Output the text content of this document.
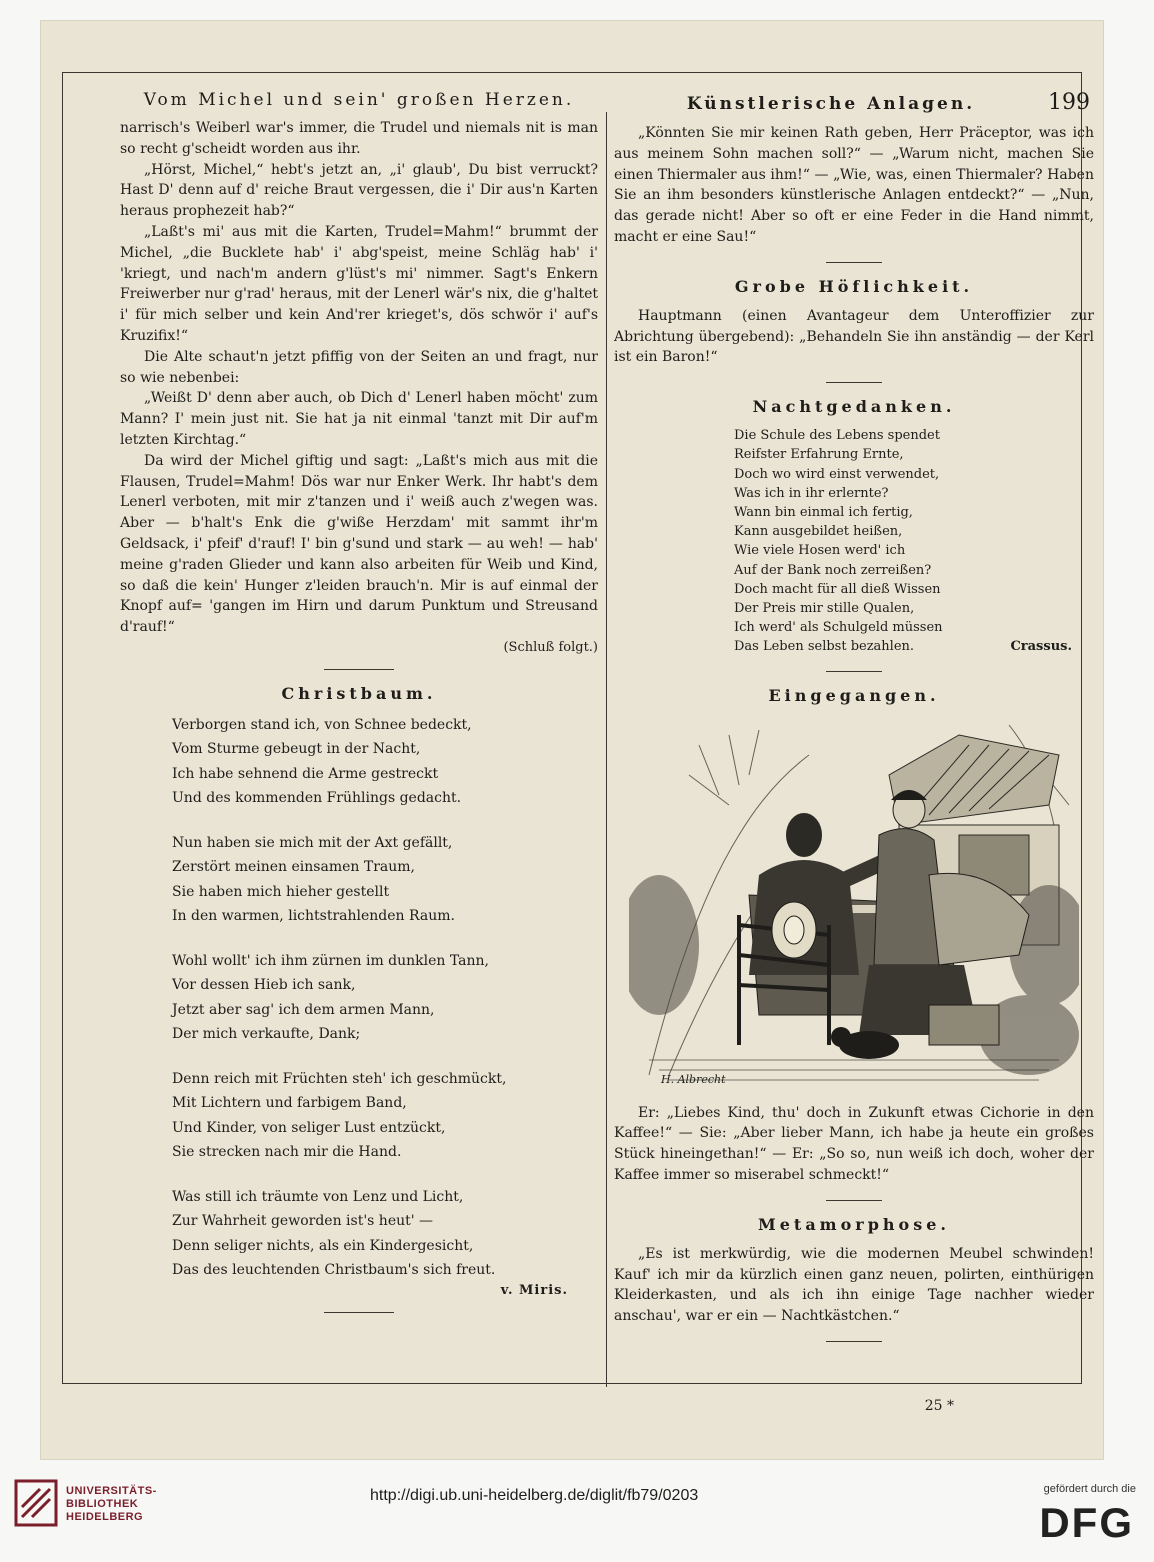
Vom Michel und sein' großen Herzen.

narrisch's Weiberl war's immer, die Trudel und niemals nit is man so recht g'scheidt worden aus ihr.

„Hörst, Michel,“ hebt's jetzt an, „i' glaub', Du bist verruckt? Hast D' denn auf d' reiche Braut vergessen, die i' Dir aus'n Karten heraus prophezeit hab?“

„Laßt's mi' aus mit die Karten, Trudel=Mahm!“ brummt der Michel, „die Bucklete hab' i' abg'speist, meine Schläg hab' i' 'kriegt, und nach'm andern g'lüst's mi' nimmer. Sagt's Enkern Freiwerber nur g'rad' heraus, mit der Lenerl wär's nix, die g'haltet i' für mich selber und kein And'rer krieget's, dös schwör i' auf's Kruzifix!“

Die Alte schaut'n jetzt pfiffig von der Seiten an und fragt, nur so wie nebenbei:

„Weißt D' denn aber auch, ob Dich d' Lenerl haben möcht' zum Mann? I' mein just nit. Sie hat ja nit einmal 'tanzt mit Dir auf'm letzten Kirchtag.“

Da wird der Michel giftig und sagt: „Laßt's mich aus mit die Flausen, Trudel=Mahm! Dös war nur Enker Werk. Ihr habt's dem Lenerl verboten, mit mir z'tanzen und i' weiß auch z'wegen was. Aber — b'halt's Enk die g'wiße Herzdam' mit sammt ihr'm Geldsack, i' pfeif' d'rauf! I' bin g'sund und stark — au weh! — hab' meine g'raden Glieder und kann also arbeiten für Weib und Kind, so daß die kein' Hunger z'leiden brauch'n. Mir is auf einmal der Knopf auf= 'gangen im Hirn und darum Punktum und Streusand d'rauf!“

(Schluß folgt.)
Christbaum.
Verborgen stand ich, von Schnee bedeckt,
Vom Sturme gebeugt in der Nacht,
Ich habe sehnend die Arme gestreckt
Und des kommenden Frühlings gedacht.
Nun haben sie mich mit der Axt gefällt,
Zerstört meinen einsamen Traum,
Sie haben mich hieher gestellt
In den warmen, lichtstrahlenden Raum.
Wohl wollt' ich ihm zürnen im dunklen Tann,
Vor dessen Hieb ich sank,
Jetzt aber sag' ich dem armen Mann,
Der mich verkaufte, Dank;
Denn reich mit Früchten steh' ich geschmückt,
Mit Lichtern und farbigem Band,
Und Kinder, von seliger Lust entzückt,
Sie strecken nach mir die Hand.
Was still ich träumte von Lenz und Licht,
Zur Wahrheit geworden ist's heut' —
Denn seliger nichts, als ein Kindergesicht,
Das des leuchtenden Christbaum's sich freut.
v. Miris.
Künstlerische Anlagen.	199

„Könnten Sie mir keinen Rath geben, Herr Präceptor, was ich aus meinem Sohn machen soll?“ — „Warum nicht, machen Sie einen Thiermaler aus ihm!“ — „Wie, was, einen Thiermaler? Haben Sie an ihm besonders künstlerische Anlagen entdeckt?“ — „Nun, das gerade nicht! Aber so oft er eine Feder in die Hand nimmt, macht er eine Sau!“

Grobe Höflichkeit.

Hauptmann (einen Avantageur dem Unteroffizier zur Abrichtung übergebend): „Behandeln Sie ihn anständig — der Kerl ist ein Baron!“

Nachtgedanken.
Die Schule des Lebens spendet
Reifster Erfahrung Ernte,
Doch wo wird einst verwendet,
Was ich in ihr erlernte?
Wann bin einmal ich fertig,
Kann ausgebildet heißen,
Wie viele Hosen werd' ich
Auf der Bank noch zerreißen?
Doch macht für all dieß Wissen
Der Preis mir stille Qualen,
Ich werd' als Schulgeld müssen
Das Leben selbst bezahlen.	Crassus.
Eingegangen.
H. Albrecht

Er: „Liebes Kind, thu' doch in Zukunft etwas Cichorie in den Kaffee!“ — Sie: „Aber lieber Mann, ich habe ja heute ein großes Stück hineingethan!“ — Er: „So so, nun weiß ich doch, woher der Kaffee immer so miserabel schmeckt!“

Metamorphose.

„Es ist merkwürdig, wie die modernen Meubel schwinden! Kauf' ich mir da kürzlich einen ganz neuen, polirten, einthürigen Kleiderkasten, und als ich ihn einige Tage nachher wieder anschau', war er ein — Nachtkästchen.“

25 *
UNIVERSITÄTS-
BIBLIOTHEK
HEIDELBERG
http://digi.ub.uni-heidelberg.de/diglit/fb79/0203	gefördert durch die
DFG
